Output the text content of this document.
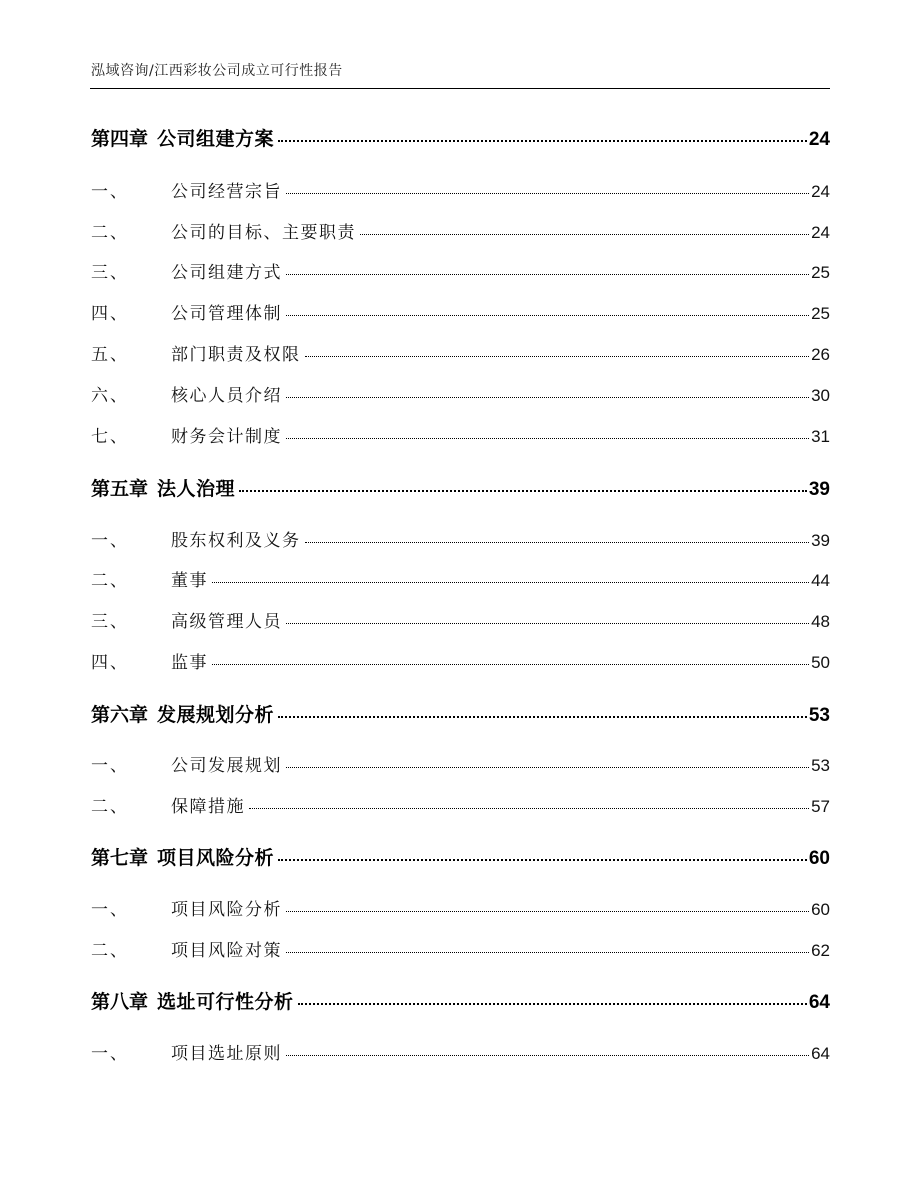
泓域咨询/江西彩妆公司成立可行性报告
第四章 公司组建方案	24
一、	公司经营宗旨	24
二、	公司的目标、主要职责	24
三、	公司组建方式	25
四、	公司管理体制	25
五、	部门职责及权限	26
六、	核心人员介绍	30
七、	财务会计制度	31
第五章 法人治理	39
一、	股东权利及义务	39
二、	董事	44
三、	高级管理人员	48
四、	监事	50
第六章 发展规划分析	53
一、	公司发展规划	53
二、	保障措施	57
第七章 项目风险分析	60
一、	项目风险分析	60
二、	项目风险对策	62
第八章 选址可行性分析	64
一、	项目选址原则	64
